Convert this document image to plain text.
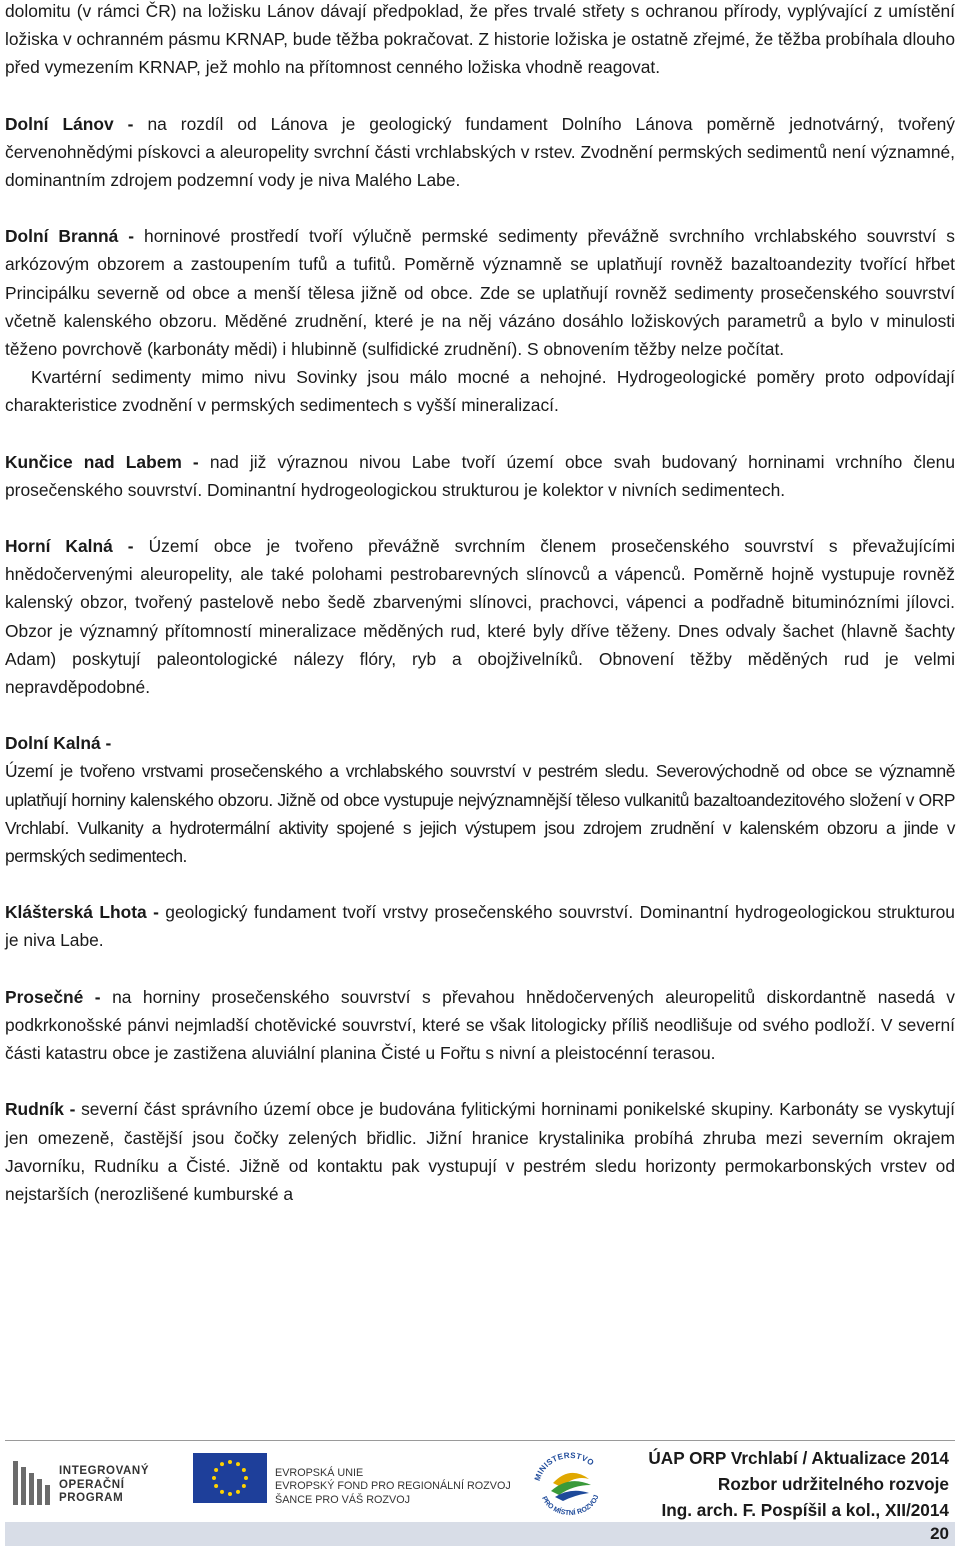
dolomitu (v rámci ČR) na ložisku Lánov dávají předpoklad, že přes trvalé střety s ochranou přírody, vyplývající z umístění ložiska v ochranném pásmu KRNAP, bude těžba pokračovat. Z historie ložiska je ostatně zřejmé, že těžba probíhala dlouho před vymezením KRNAP, jež mohlo na přítomnost cenného ložiska vhodně reagovat.

Dolní Lánov - na rozdíl od Lánova je geologický fundament Dolního Lánova poměrně jednotvárný, tvořený červenohnědými pískovci a aleuropelity svrchní části vrchlabských v rstev. Zvodnění permských sedimentů není významné, dominantním zdrojem podzemní vody je niva Malého Labe.

Dolní Branná - horninové prostředí tvoří výlučně permské sedimenty převážně svrchního vrchlabského souvrství s arkózovým obzorem a zastoupením tufů a tufitů. Poměrně významně se uplatňují rovněž bazaltoandezity tvořící hřbet Principálku severně od obce a menší tělesa jižně od obce. Zde se uplatňují rovněž sedimenty prosečenského souvrství včetně kalenského obzoru. Měděné zrudnění, které je na něj vázáno dosáhlo ložiskových parametrů a bylo v minulosti těženo povrchově (karbonáty mědi) i hlubinně (sulfidické zrudnění). S obnovením těžby nelze počítat.

Kvartérní sedimenty mimo nivu Sovinky jsou málo mocné a nehojné. Hydrogeologické poměry proto odpovídají charakteristice zvodnění v permských sedimentech s vyšší mineralizací.

Kunčice nad Labem - nad již výraznou nivou Labe tvoří území obce svah budovaný horninami vrchního členu prosečenského souvrství. Dominantní hydrogeologickou strukturou je kolektor v nivních sedimentech.

Horní Kalná - Území obce je tvořeno převážně svrchním členem prosečenského souvrství s převažujícími hnědočervenými aleuropelity, ale také polohami pestrobarevných slínovců a vápenců. Poměrně hojně vystupuje rovněž kalenský obzor, tvořený pastelově nebo šedě zbarvenými slínovci, prachovci, vápenci a podřadně bituminózními jílovci. Obzor je významný přítomností mineralizace měděných rud, které byly dříve těženy. Dnes odvaly šachet (hlavně šachty Adam) poskytují paleontologické nálezy flóry, ryb a obojživelníků. Obnovení těžby měděných rud je velmi nepravděpodobné.

Dolní Kalná -

Území je tvořeno vrstvami prosečenského a vrchlabského souvrství v pestrém sledu. Severovýchodně od obce se významně uplatňují horniny kalenského obzoru. Jižně od obce vystupuje nejvýznamnější těleso vulkanitů bazaltoandezitového složení v ORP Vrchlabí. Vulkanity a hydrotermální aktivity spojené s jejich výstupem jsou zdrojem zrudnění v kalenském obzoru a jinde v permských sedimentech.

Klášterská Lhota - geologický fundament tvoří vrstvy prosečenského souvrství. Dominantní hydrogeologickou strukturou je niva Labe.

Prosečné - na horniny prosečenského souvrství s převahou hnědočervených aleuropelitů diskordantně nasedá v podkrkonošské pánvi nejmladší chotěvické souvrství, které se však litologicky příliš neodlišuje od svého podloží. V severní části katastru obce je zastižena aluviální planina Čisté u Fořtu s nivní a pleistocénní terasou.

Rudník - severní část správního území obce je budována fylitickými horninami ponikelské skupiny. Karbonáty se vyskytují jen omezeně, častější jsou čočky zelených břidlic. Jižní hranice krystalinika probíhá zhruba mezi severním okrajem Javorníku, Rudníku a Čisté. Jižně od kontaktu pak vystupují v pestrém sledu horizonty permokarbonských vrstev od nejstarších (nerozlišené kumburské a

INTEGROVANÝ
OPERAČNÍ
PROGRAM
EVROPSKÁ UNIE
EVROPSKÝ FOND PRO REGIONÁLNÍ ROZVOJ
ŠANCE PRO VÁŠ ROZVOJ
MINISTERSTVO
PRO MÍSTNÍ ROZVOJ
ÚAP ORP Vrchlabí / Aktualizace 2014
Rozbor udržitelného rozvoje
Ing. arch. F. Pospíšil a kol., XII/2014
20
